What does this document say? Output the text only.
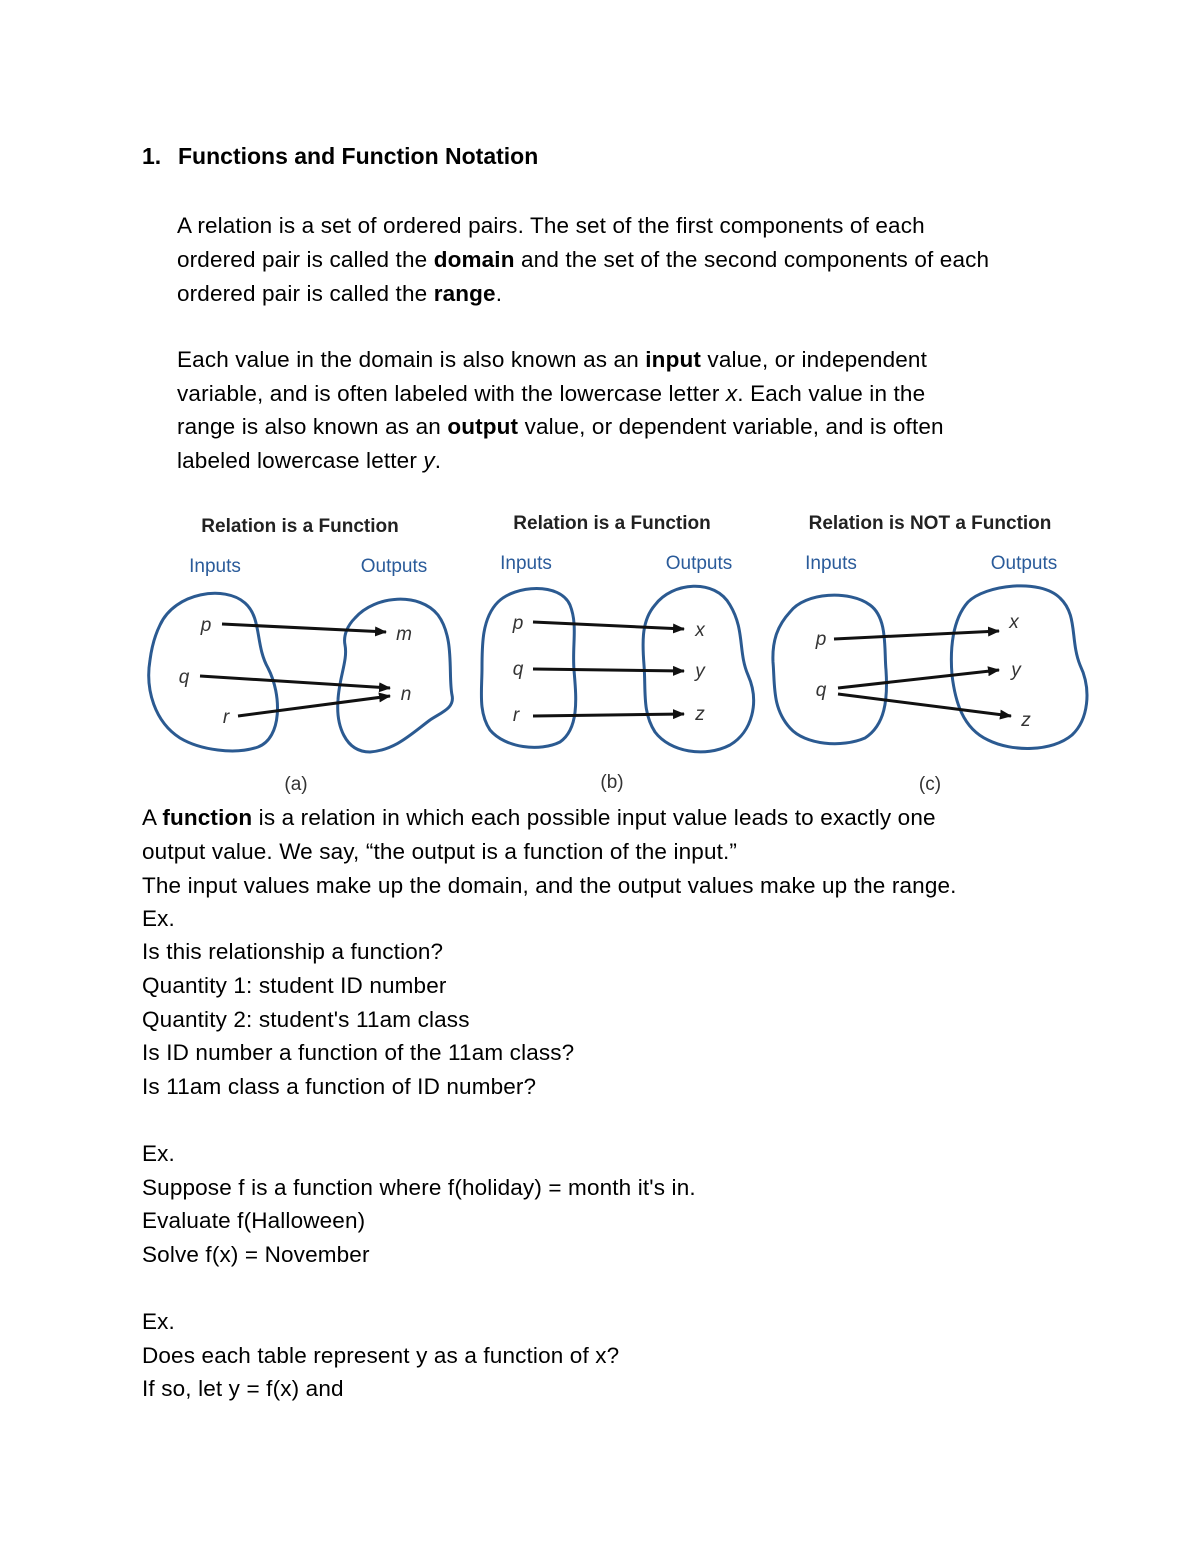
1. Functions and Function Notation
A relation is a set of ordered pairs. The set of the first components of each
ordered pair is called the domain and the set of the second components of each
ordered pair is called the range.
Each value in the domain is also known as an input value, or independent
variable, and is often labeled with the lowercase letter x. Each value in the
range is also known as an output value, or dependent variable, and is often
labeled lowercase letter y.
Relation is a Function
Inputs	Outputs
p
q
r
m
n
(a)
Relation is a Function
Inputs	Outputs
p
q
r
x
y
z
(b)
Relation is NOT a Function
Inputs	Outputs
p
q
x
y
z
(c)
A function is a relation in which each possible input value leads to exactly one
output value. We say, “the output is a function of the input.”
The input values make up the domain, and the output values make up the range.
Ex.
Is this relationship a function?
Quantity 1: student ID number
Quantity 2: student's 11am class
Is ID number a function of the 11am class?
Is 11am class a function of ID number?
Ex.
Suppose f is a function where f(holiday) = month it's in.
Evaluate f(Halloween)
Solve f(x) = November
Ex.
Does each table represent y as a function of x?
If so, let y = f(x) and
